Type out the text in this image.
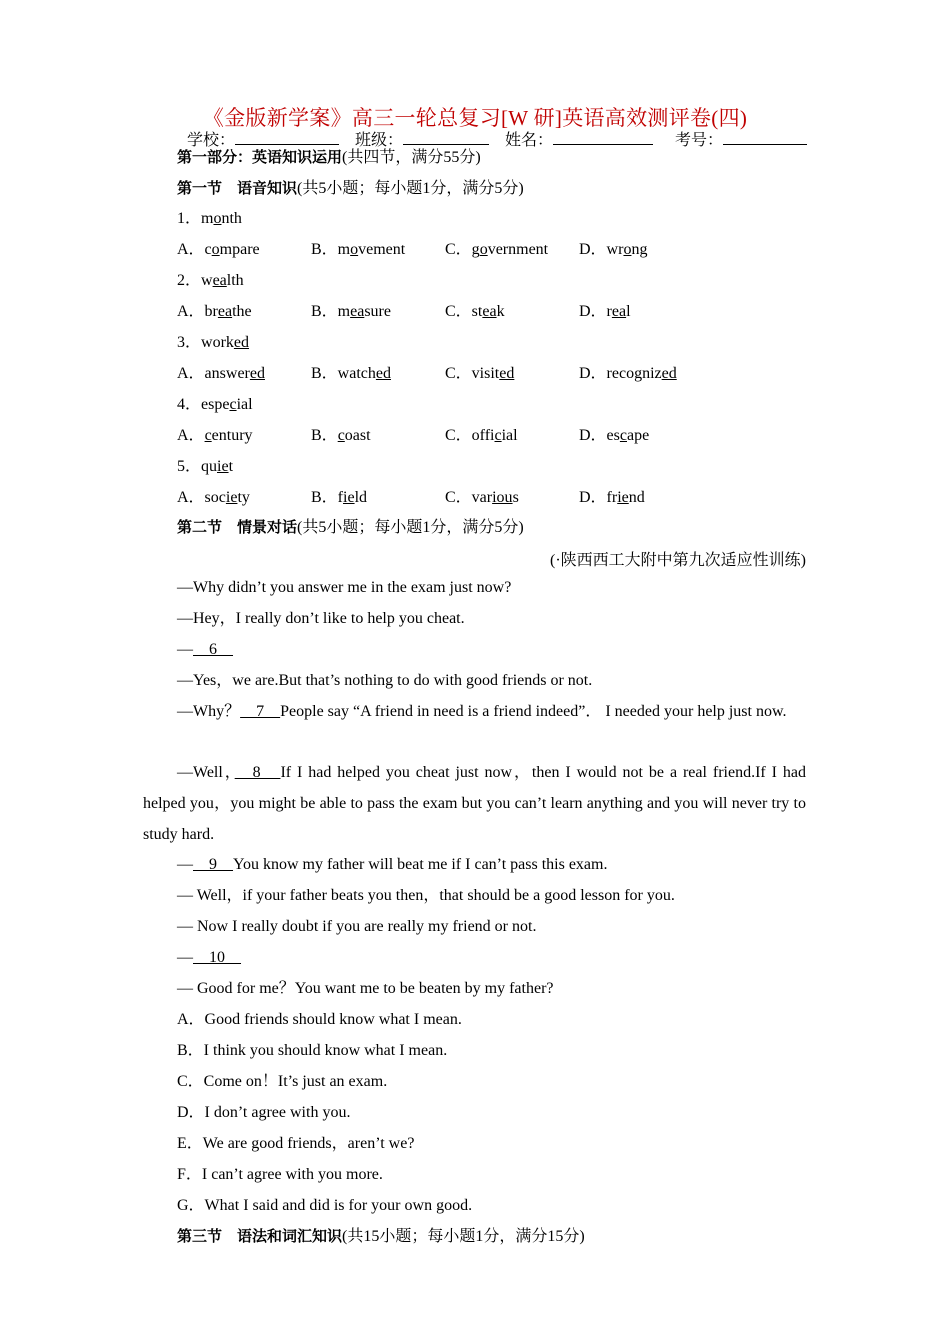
《金版新学案》高三一轮总复习[W 研]英语高效测评卷(四)
学校：	班级：	姓名：	考号：
第一部分：英语知识运用(共四节，满分55分)
第一节　语音知识(共5小题；每小题1分，满分5分)
1．month
A．compare	B．movement C．government D．wrong
2．wealth
A．breathe	B．measure	C．steak	D．real
3．worked
A．answered	B．watched	C．visited	D．recognized
4．especial
A．century	B．coast	C．official	D．escape
5．quiet
A．society	B．field	C．various	D．friend
第二节　情景对话(共5小题；每小题1分，满分5分)
(·陕西西工大附中第九次适应性训练)
—Why didn’t you answer me in the exam just now?
—Hey，I really don’t like to help you cheat.
—　6　
—Yes，we are.But that’s nothing to do with good friends or not.
—Why？　7　People say “A friend in need is a friend indeed”． I needed your help just now.
—Well，　8　If I had helped you cheat just now，then I would not be a real friend.If I had helped you，you might be able to pass the exam but you can’t learn anything and you will never try to study hard.
—　9　You know my father will beat me if I can’t pass this exam.
— Well，if your father beats you then，that should be a good lesson for you.
— Now I really doubt if you are really my friend or not.
—　10　
— Good for me？You want me to be beaten by my father?
A．Good friends should know what I mean.
B．I think you should know what I mean.
C．Come on！It’s just an exam.
D．I don’t agree with you.
E．We are good friends，aren’t we?
F．I can’t agree with you more.
G．What I said and did is for your own good.
第三节　语法和词汇知识(共15小题；每小题1分，满分15分)
